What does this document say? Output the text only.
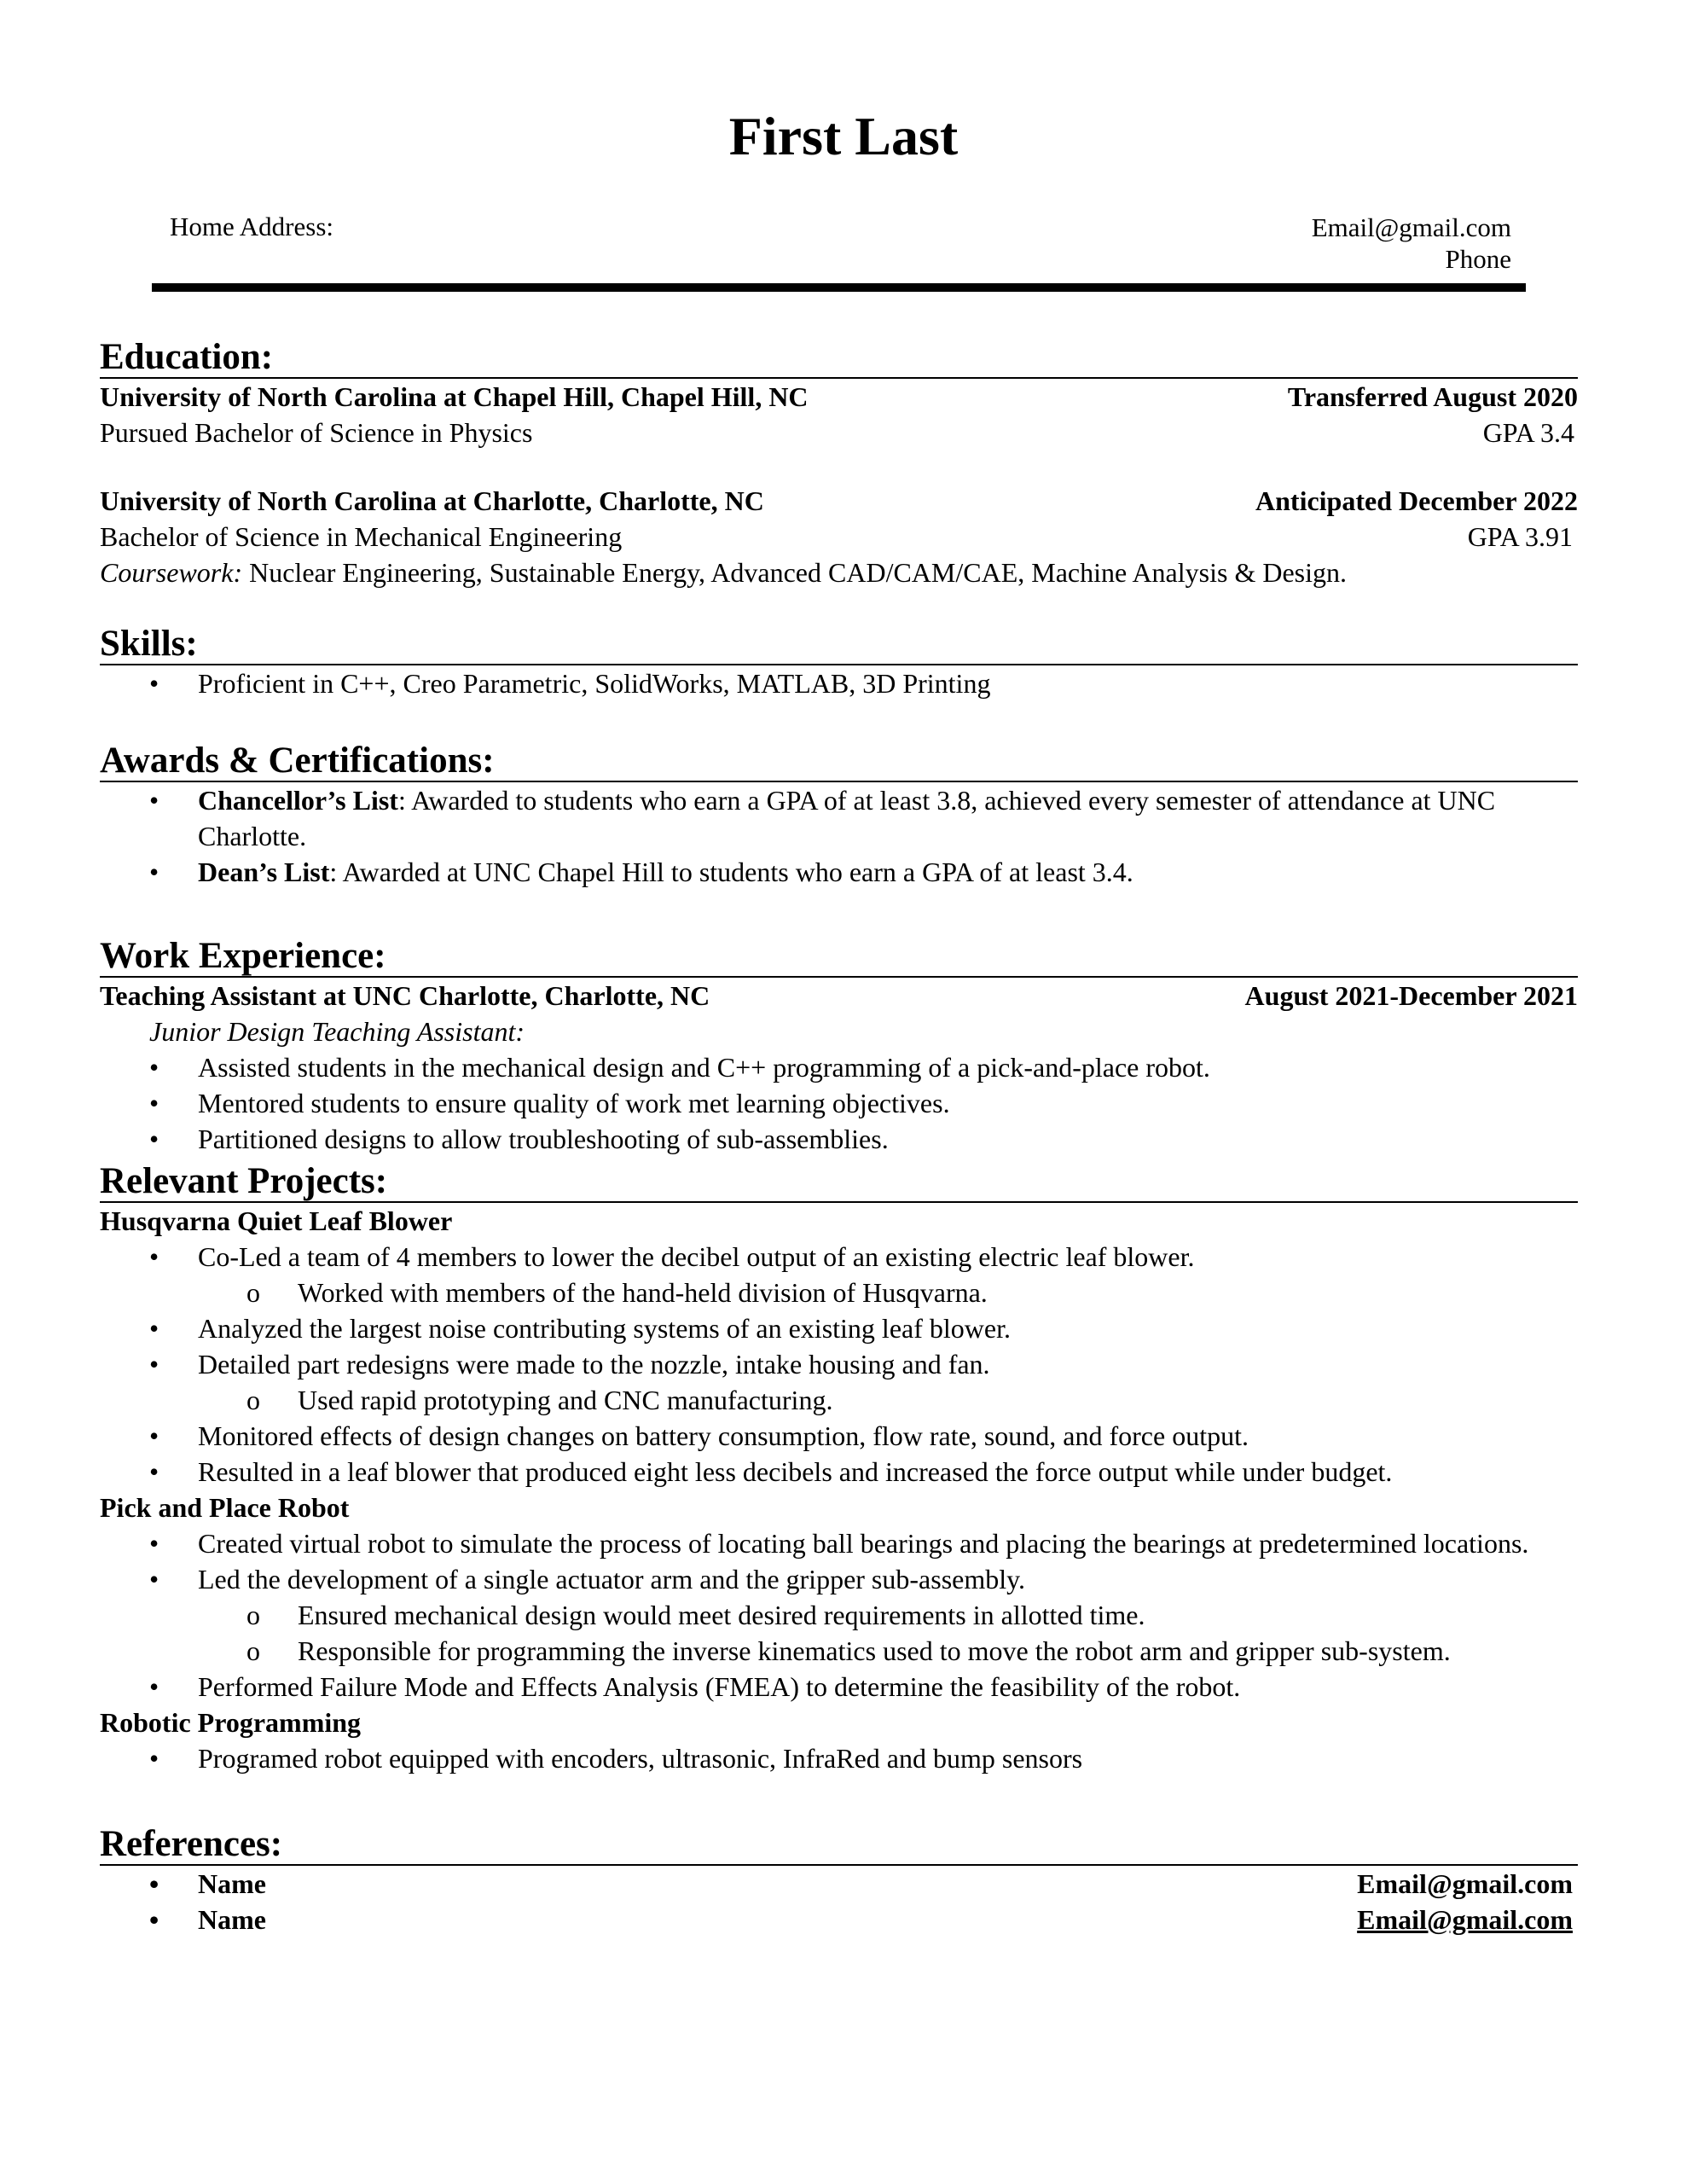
First Last
Home Address:	Email@gmail.com
Phone
Education:
University of North Carolina at Chapel Hill, Chapel Hill, NC	Transferred August 2020
Pursued Bachelor of Science in Physics	GPA 3.4
University of North Carolina at Charlotte, Charlotte, NC	Anticipated December 2022
Bachelor of Science in Mechanical Engineering	GPA 3.91
Coursework: Nuclear Engineering, Sustainable Energy, Advanced CAD/CAM/CAE, Machine Analysis & Design.
Skills:
• Proficient in C++, Creo Parametric, SolidWorks, MATLAB, 3D Printing
Awards & Certifications:
• Chancellor’s List: Awarded to students who earn a GPA of at least 3.8, achieved every semester of attendance at UNC Charlotte.
• Dean’s List: Awarded at UNC Chapel Hill to students who earn a GPA of at least 3.4.
Work Experience:
Teaching Assistant at UNC Charlotte, Charlotte, NC	August 2021-December 2021
Junior Design Teaching Assistant:
• Assisted students in the mechanical design and C++ programming of a pick-and-place robot.
• Mentored students to ensure quality of work met learning objectives.
• Partitioned designs to allow troubleshooting of sub-assemblies.
Relevant Projects:
Husqvarna Quiet Leaf Blower
• Co-Led a team of 4 members to lower the decibel output of an existing electric leaf blower.
o Worked with members of the hand-held division of Husqvarna.
• Analyzed the largest noise contributing systems of an existing leaf blower.
• Detailed part redesigns were made to the nozzle, intake housing and fan.
o Used rapid prototyping and CNC manufacturing.
• Monitored effects of design changes on battery consumption, flow rate, sound, and force output.
• Resulted in a leaf blower that produced eight less decibels and increased the force output while under budget.
Pick and Place Robot
• Created virtual robot to simulate the process of locating ball bearings and placing the bearings at predetermined locations.
• Led the development of a single actuator arm and the gripper sub-assembly.
o Ensured mechanical design would meet desired requirements in allotted time.
o Responsible for programming the inverse kinematics used to move the robot arm and gripper sub-system.
• Performed Failure Mode and Effects Analysis (FMEA) to determine the feasibility of the robot.
Robotic Programming
• Programed robot equipped with encoders, ultrasonic, InfraRed and bump sensors
References:
• Name	Email@gmail.com
• Name	Email@gmail.com
